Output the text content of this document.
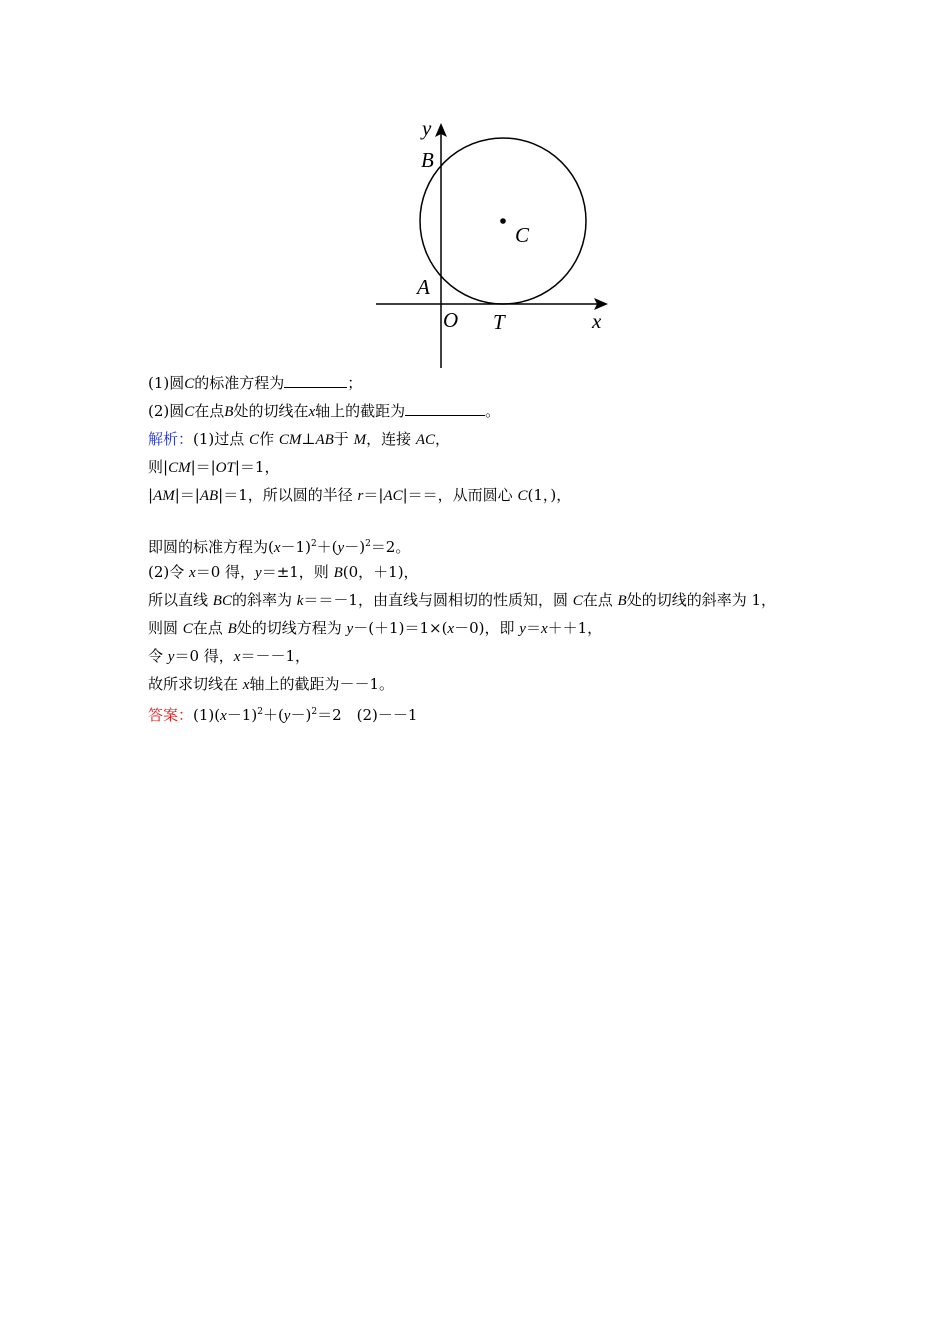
y
B
C
A
O T	x
(1)圆C的标准方程为	；
(2)圆C在点B处的切线在x轴上的截距为	。
解析：(1)过点 C作 CM⊥AB于 M，连接 AC，
则|CM|＝|OT|＝1，
|AM|＝|AB|＝1，所以圆的半径 r＝|AC|＝＝，从而圆心 C(1，)，
即圆的标准方程为$(x-1)^2+(y-)^2=2$。
(2)令 x＝0 得，y＝±1，则 B(0，＋1)，
所以直线 BC的斜率为 k＝＝－1，由直线与圆相切的性质知，圆 C在点 B处的切线的斜率为 1，
则圆 C在点 B处的切线方程为 y－(＋1)＝1×(x－0)，即 y＝x＋＋1，
令 y＝0 得，x＝－－1，
故所求切线在 x轴上的截距为－－1。
答案：$(1)(x-1)^2+(y-)^2=2$　(2)－－1
